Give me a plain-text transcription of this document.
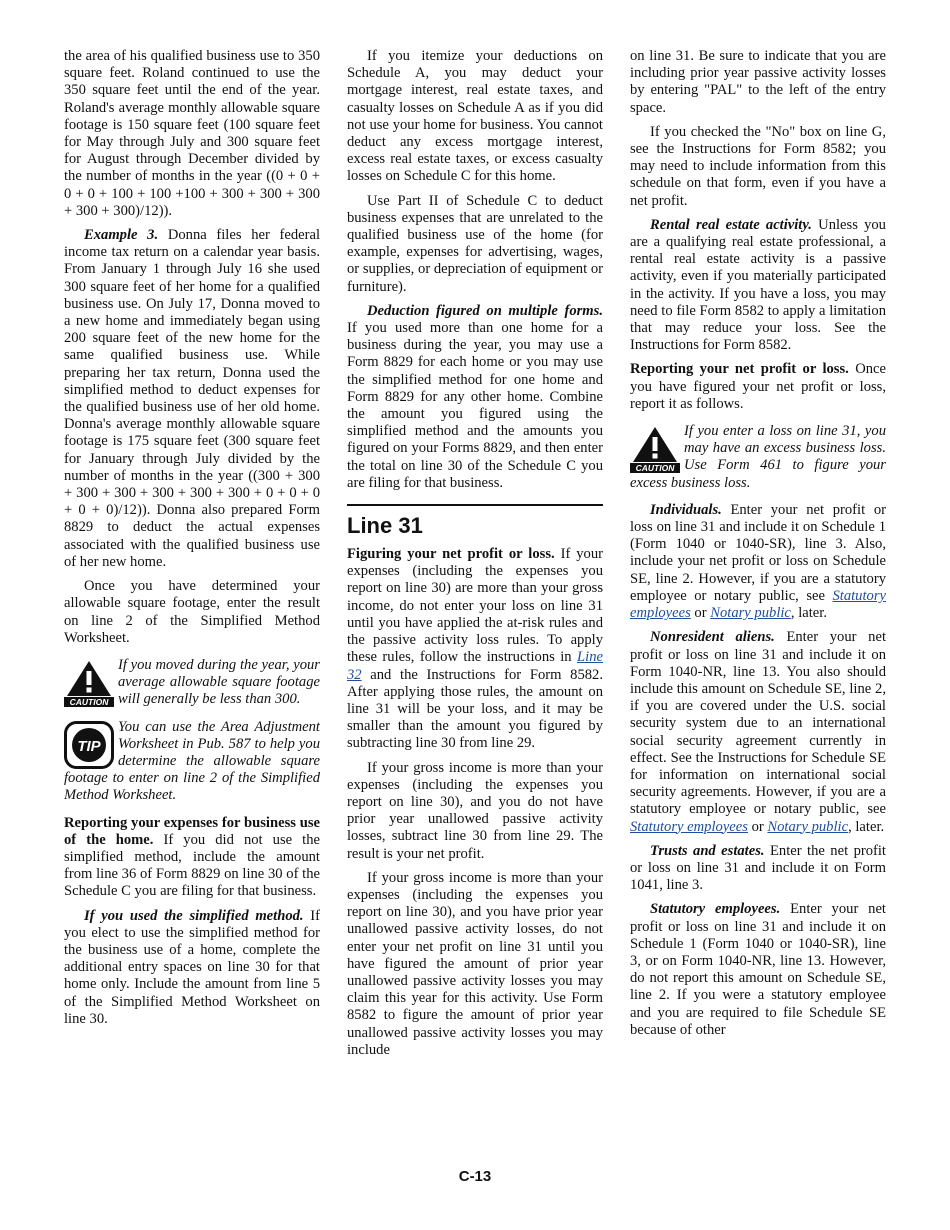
the area of his qualified business use to 350 square feet. Roland continued to use the 350 square feet until the end of the year. Roland's average monthly allowable square footage is 150 square feet (100 square feet for May through July and 300 square feet for August through December divided by the number of months in the year ((0 + 0 + 0 + 0 + 100 + 100 +100 + 300 + 300 + 300 + 300 + 300)/12)).

Example 3. Donna files her federal income tax return on a calendar year basis. From January 1 through July 16 she used 300 square feet of her home for a qualified business use. On July 17, Donna moved to a new home and immediately began using 200 square feet of the new home for the same qualified business use. While preparing her tax return, Donna used the simplified method to deduct expenses for the qualified business use of her old home. Donna's average monthly allowable square footage is 175 square feet (300 square feet for January through July divided by the number of months in the year ((300 + 300 + 300 + 300 + 300 + 300 + 300 + 0 + 0 + 0 + 0 + 0)/12)). Donna also prepared Form 8829 to deduct the actual expenses associated with the qualified business use of her new home.

Once you have determined your allowable square footage, enter the result on line 2 of the Simplified Method Worksheet.

CAUTION
If you moved during the year, your average allowable square footage will generally be less than 300.
TIP
You can use the Area Adjustment Worksheet in Pub. 587 to help you determine the allowable square footage to enter on line 2 of the Simplified Method Worksheet.

Reporting your expenses for business use of the home. If you did not use the simplified method, include the amount from line 36 of Form 8829 on line 30 of the Schedule C you are filing for that business.

If you used the simplified method. If you elect to use the simplified method for the business use of a home, complete the additional entry spaces on line 30 for that home only. Include the amount from line 5 of the Simplified Method Worksheet on line 30.

If you itemize your deductions on Schedule A, you may deduct your mortgage interest, real estate taxes, and casualty losses on Schedule A as if you did not use your home for business. You cannot deduct any excess mortgage interest, excess real estate taxes, or excess casualty losses on Schedule C for this home.

Use Part II of Schedule C to deduct business expenses that are unrelated to the qualified business use of the home (for example, expenses for advertising, wages, or supplies, or depreciation of equipment or furniture).

Deduction figured on multiple forms. If you used more than one home for a business during the year, you may use a Form 8829 for each home or you may use the simplified method for one home and Form 8829 for any other home. Combine the amount you figured using the simplified method and the amounts you figured on your Forms 8829, and then enter the total on line 30 of the Schedule C you are filing for that business.

Line 31

Figuring your net profit or loss. If your expenses (including the expenses you report on line 30) are more than your gross income, do not enter your loss on line 31 until you have applied the at-risk rules and the passive activity loss rules. To apply these rules, follow the instructions in Line 32 and the Instructions for Form 8582. After applying those rules, the amount on line 31 will be your loss, and it may be smaller than the amount you figured by subtracting line 30 from line 29.

If your gross income is more than your expenses (including the expenses you report on line 30), and you do not have prior year unallowed passive activity losses, subtract line 30 from line 29. The result is your net profit.

If your gross income is more than your expenses (including the expenses you report on line 30), and you have prior year unallowed passive activity losses, do not enter your net profit on line 31 until you have figured the amount of prior year unallowed passive activity losses you may claim this year for this activity. Use Form 8582 to figure the amount of prior year unallowed passive activity losses you may include

on line 31. Be sure to indicate that you are including prior year passive activity losses by entering "PAL" to the left of the entry space.

If you checked the "No" box on line G, see the Instructions for Form 8582; you may need to include information from this schedule on that form, even if you have a net profit.

Rental real estate activity. Unless you are a qualifying real estate professional, a rental real estate activity is a passive activity, even if you materially participated in the activity. If you have a loss, you may need to file Form 8582 to apply a limitation that may reduce your loss. See the Instructions for Form 8582.

Reporting your net profit or loss. Once you have figured your net profit or loss, report it as follows.

CAUTION
If you enter a loss on line 31, you may have an excess business loss. Use Form 461 to figure your excess business loss.

Individuals. Enter your net profit or loss on line 31 and include it on Schedule 1 (Form 1040 or 1040-SR), line 3. Also, include your net profit or loss on Schedule SE, line 2. However, if you are a statutory employee or notary public, see Statutory employees or Notary public, later.

Nonresident aliens. Enter your net profit or loss on line 31 and include it on Form 1040-NR, line 13. You also should include this amount on Schedule SE, line 2, if you are covered under the U.S. social security system due to an international social security agreement currently in effect. See the Instructions for Schedule SE for information on international social security agreements. However, if you are a statutory employee or notary public, see Statutory employees or Notary public, later.

Trusts and estates. Enter the net profit or loss on line 31 and include it on Form 1041, line 3.

Statutory employees. Enter your net profit or loss on line 31 and include it on Schedule 1 (Form 1040 or 1040-SR), line 3, or on Form 1040-NR, line 13. However, do not report this amount on Schedule SE, line 2. If you were a statutory employee and you are required to file Schedule SE because of other

C-13
